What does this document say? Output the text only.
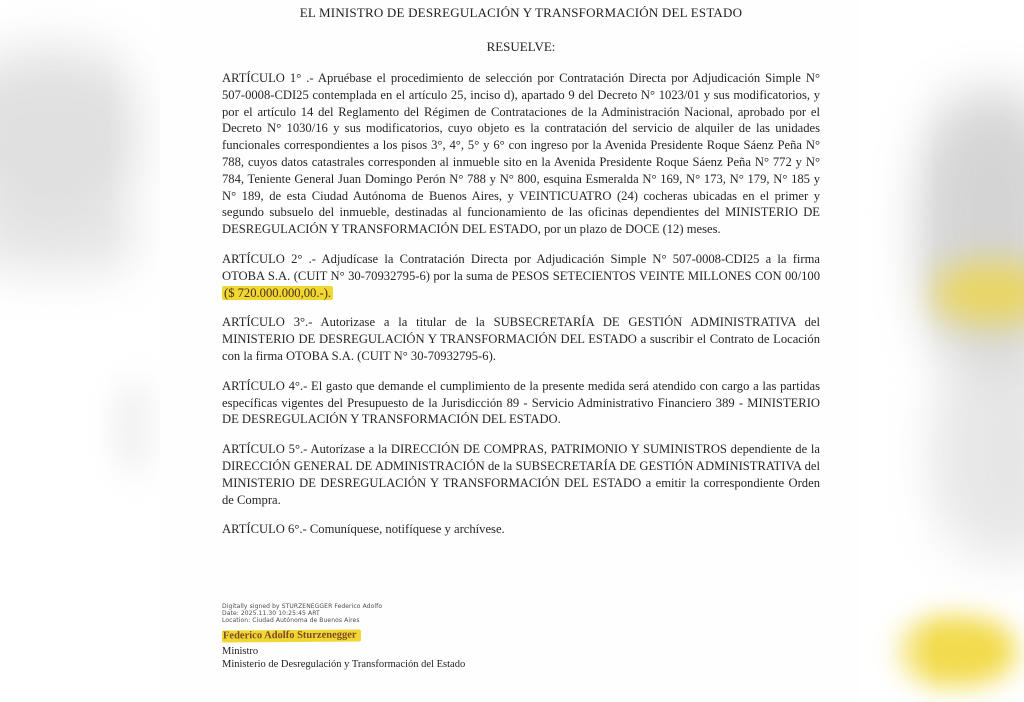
EL MINISTRO DE DESREGULACIÓN Y TRANSFORMACIÓN DEL ESTADO
RESUELVE:

ARTÍCULO 1° .- Apruébase el procedimiento de selección por Contratación Directa por Adjudicación Simple N° 507-0008-CDI25 contemplada en el artículo 25, inciso d), apartado 9 del Decreto N° 1023/01 y sus modificatorios, y por el artículo 14 del Reglamento del Régimen de Contrataciones de la Administración Nacional, aprobado por el Decreto N° 1030/16 y sus modificatorios, cuyo objeto es la contratación del servicio de alquiler de las unidades funcionales correspondientes a los pisos 3°, 4°, 5° y 6° con ingreso por la Avenida Presidente Roque Sáenz Peña N° 788, cuyos datos catastrales corresponden al inmueble sito en la Avenida Presidente Roque Sáenz Peña N° 772 y N° 784, Teniente General Juan Domingo Perón N° 788 y N° 800, esquina Esmeralda N° 169, N° 173, N° 179, N° 185 y N° 189, de esta Ciudad Autónoma de Buenos Aires, y VEINTICUATRO (24) cocheras ubicadas en el primer y segundo subsuelo del inmueble, destinadas al funcionamiento de las oficinas dependientes del MINISTERIO DE DESREGULACIÓN Y TRANSFORMACIÓN DEL ESTADO, por un plazo de DOCE (12) meses.

ARTÍCULO 2° .- Adjudícase la Contratación Directa por Adjudicación Simple N° 507-0008-CDI25 a la firma OTOBA S.A. (CUIT N° 30-70932795-6) por la suma de PESOS SETECIENTOS VEINTE MILLONES CON 00/100 ($ 720.000.000,00.-).

ARTÍCULO 3°.- Autorizase a la titular de la SUBSECRETARÍA DE GESTIÓN ADMINISTRATIVA del MINISTERIO DE DESREGULACIÓN Y TRANSFORMACIÓN DEL ESTADO a suscribir el Contrato de Locación con la firma OTOBA S.A. (CUIT N° 30-70932795-6).

ARTÍCULO 4°.- El gasto que demande el cumplimiento de la presente medida será atendido con cargo a las partidas específicas vigentes del Presupuesto de la Jurisdicción 89 - Servicio Administrativo Financiero 389 - MINISTERIO DE DESREGULACIÓN Y TRANSFORMACIÓN DEL ESTADO.

ARTÍCULO 5°.- Autorízase a la DIRECCIÓN DE COMPRAS, PATRIMONIO Y SUMINISTROS dependiente de la DIRECCIÓN GENERAL DE ADMINISTRACIÓN de la SUBSECRETARÍA DE GESTIÓN ADMINISTRATIVA del MINISTERIO DE DESREGULACIÓN Y TRANSFORMACIÓN DEL ESTADO a emitir la correspondiente Orden de Compra.

ARTÍCULO 6°.- Comuníquese, notifíquese y archívese.

Digitally signed by STURZENEGGER Federico Adolfo
Date: 2025.11.30 10:25:45 ART
Location: Ciudad Autónoma de Buenos Aires
Federico Adolfo Sturzenegger
Ministro
Ministerio de Desregulación y Transformación del Estado
